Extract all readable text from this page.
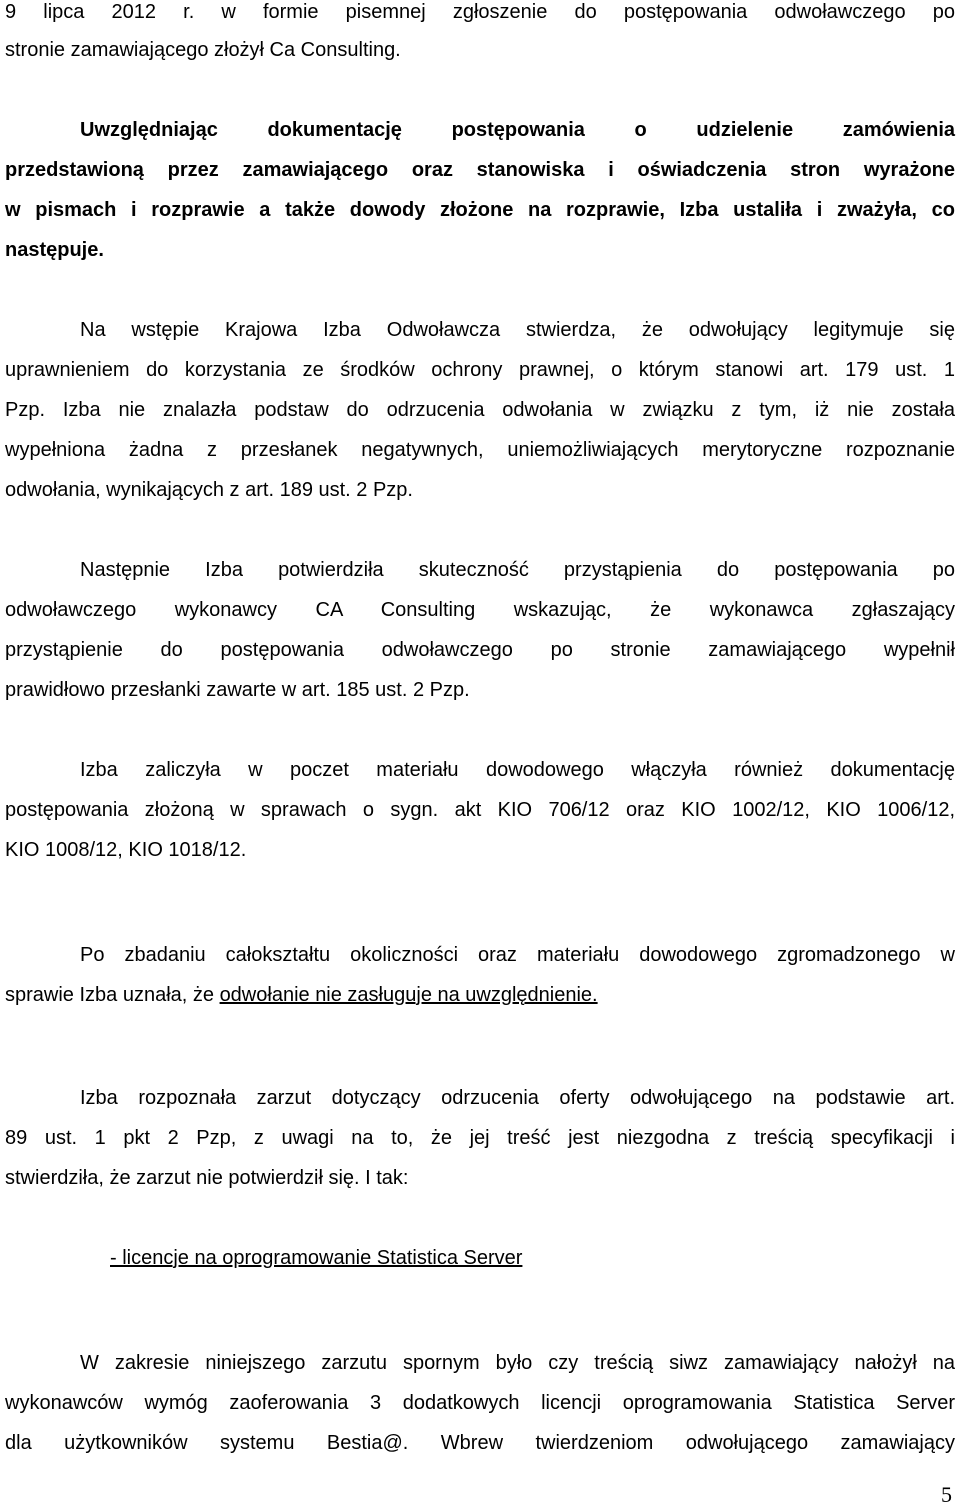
9 lipca 2012 r. w formie pisemnej zgłoszenie do postępowania odwoławczego po
stronie zamawiającego złożył Ca Consulting.
Uwzględniając dokumentację postępowania o udzielenie zamówienia
przedstawioną przez zamawiającego oraz stanowiska i oświadczenia stron wyrażone
w pismach i rozprawie a także dowody złożone na rozprawie, Izba ustaliła i zważyła, co
następuje.
Na wstępie Krajowa Izba Odwoławcza stwierdza, że odwołujący legitymuje się
uprawnieniem do korzystania ze środków ochrony prawnej, o którym stanowi art. 179 ust. 1
Pzp. Izba nie znalazła podstaw do odrzucenia odwołania w związku z tym, iż nie została
wypełniona żadna z przesłanek negatywnych, uniemożliwiających merytoryczne rozpoznanie
odwołania, wynikających z art. 189 ust. 2 Pzp.
Następnie Izba potwierdziła skuteczność przystąpienia do postępowania po
odwoławczego wykonawcy CA Consulting wskazując, że wykonawca zgłaszający
przystąpienie do postępowania odwoławczego po stronie zamawiającego wypełnił
prawidłowo przesłanki zawarte w art. 185 ust. 2 Pzp.
Izba zaliczyła w poczet materiału dowodowego włączyła również dokumentację
postępowania złożoną w sprawach o sygn. akt KIO 706/12 oraz KIO 1002/12, KIO 1006/12,
KIO 1008/12, KIO 1018/12.
Po zbadaniu całokształtu okoliczności oraz materiału dowodowego zgromadzonego w
sprawie Izba uznała, że odwołanie nie zasługuje na uwzględnienie.
Izba rozpoznała zarzut dotyczący odrzucenia oferty odwołującego na podstawie art.
89 ust. 1 pkt 2 Pzp, z uwagi na to, że jej treść jest niezgodna z treścią specyfikacji i
stwierdziła, że zarzut nie potwierdził się. I tak:
- licencje na oprogramowanie Statistica Server
W zakresie niniejszego zarzutu spornym było czy treścią siwz zamawiający nałożył na
wykonawców wymóg zaoferowania 3 dodatkowych licencji oprogramowania Statistica Server
dla użytkowników systemu Bestia@. Wbrew twierdzeniom odwołującego zamawiający
5
